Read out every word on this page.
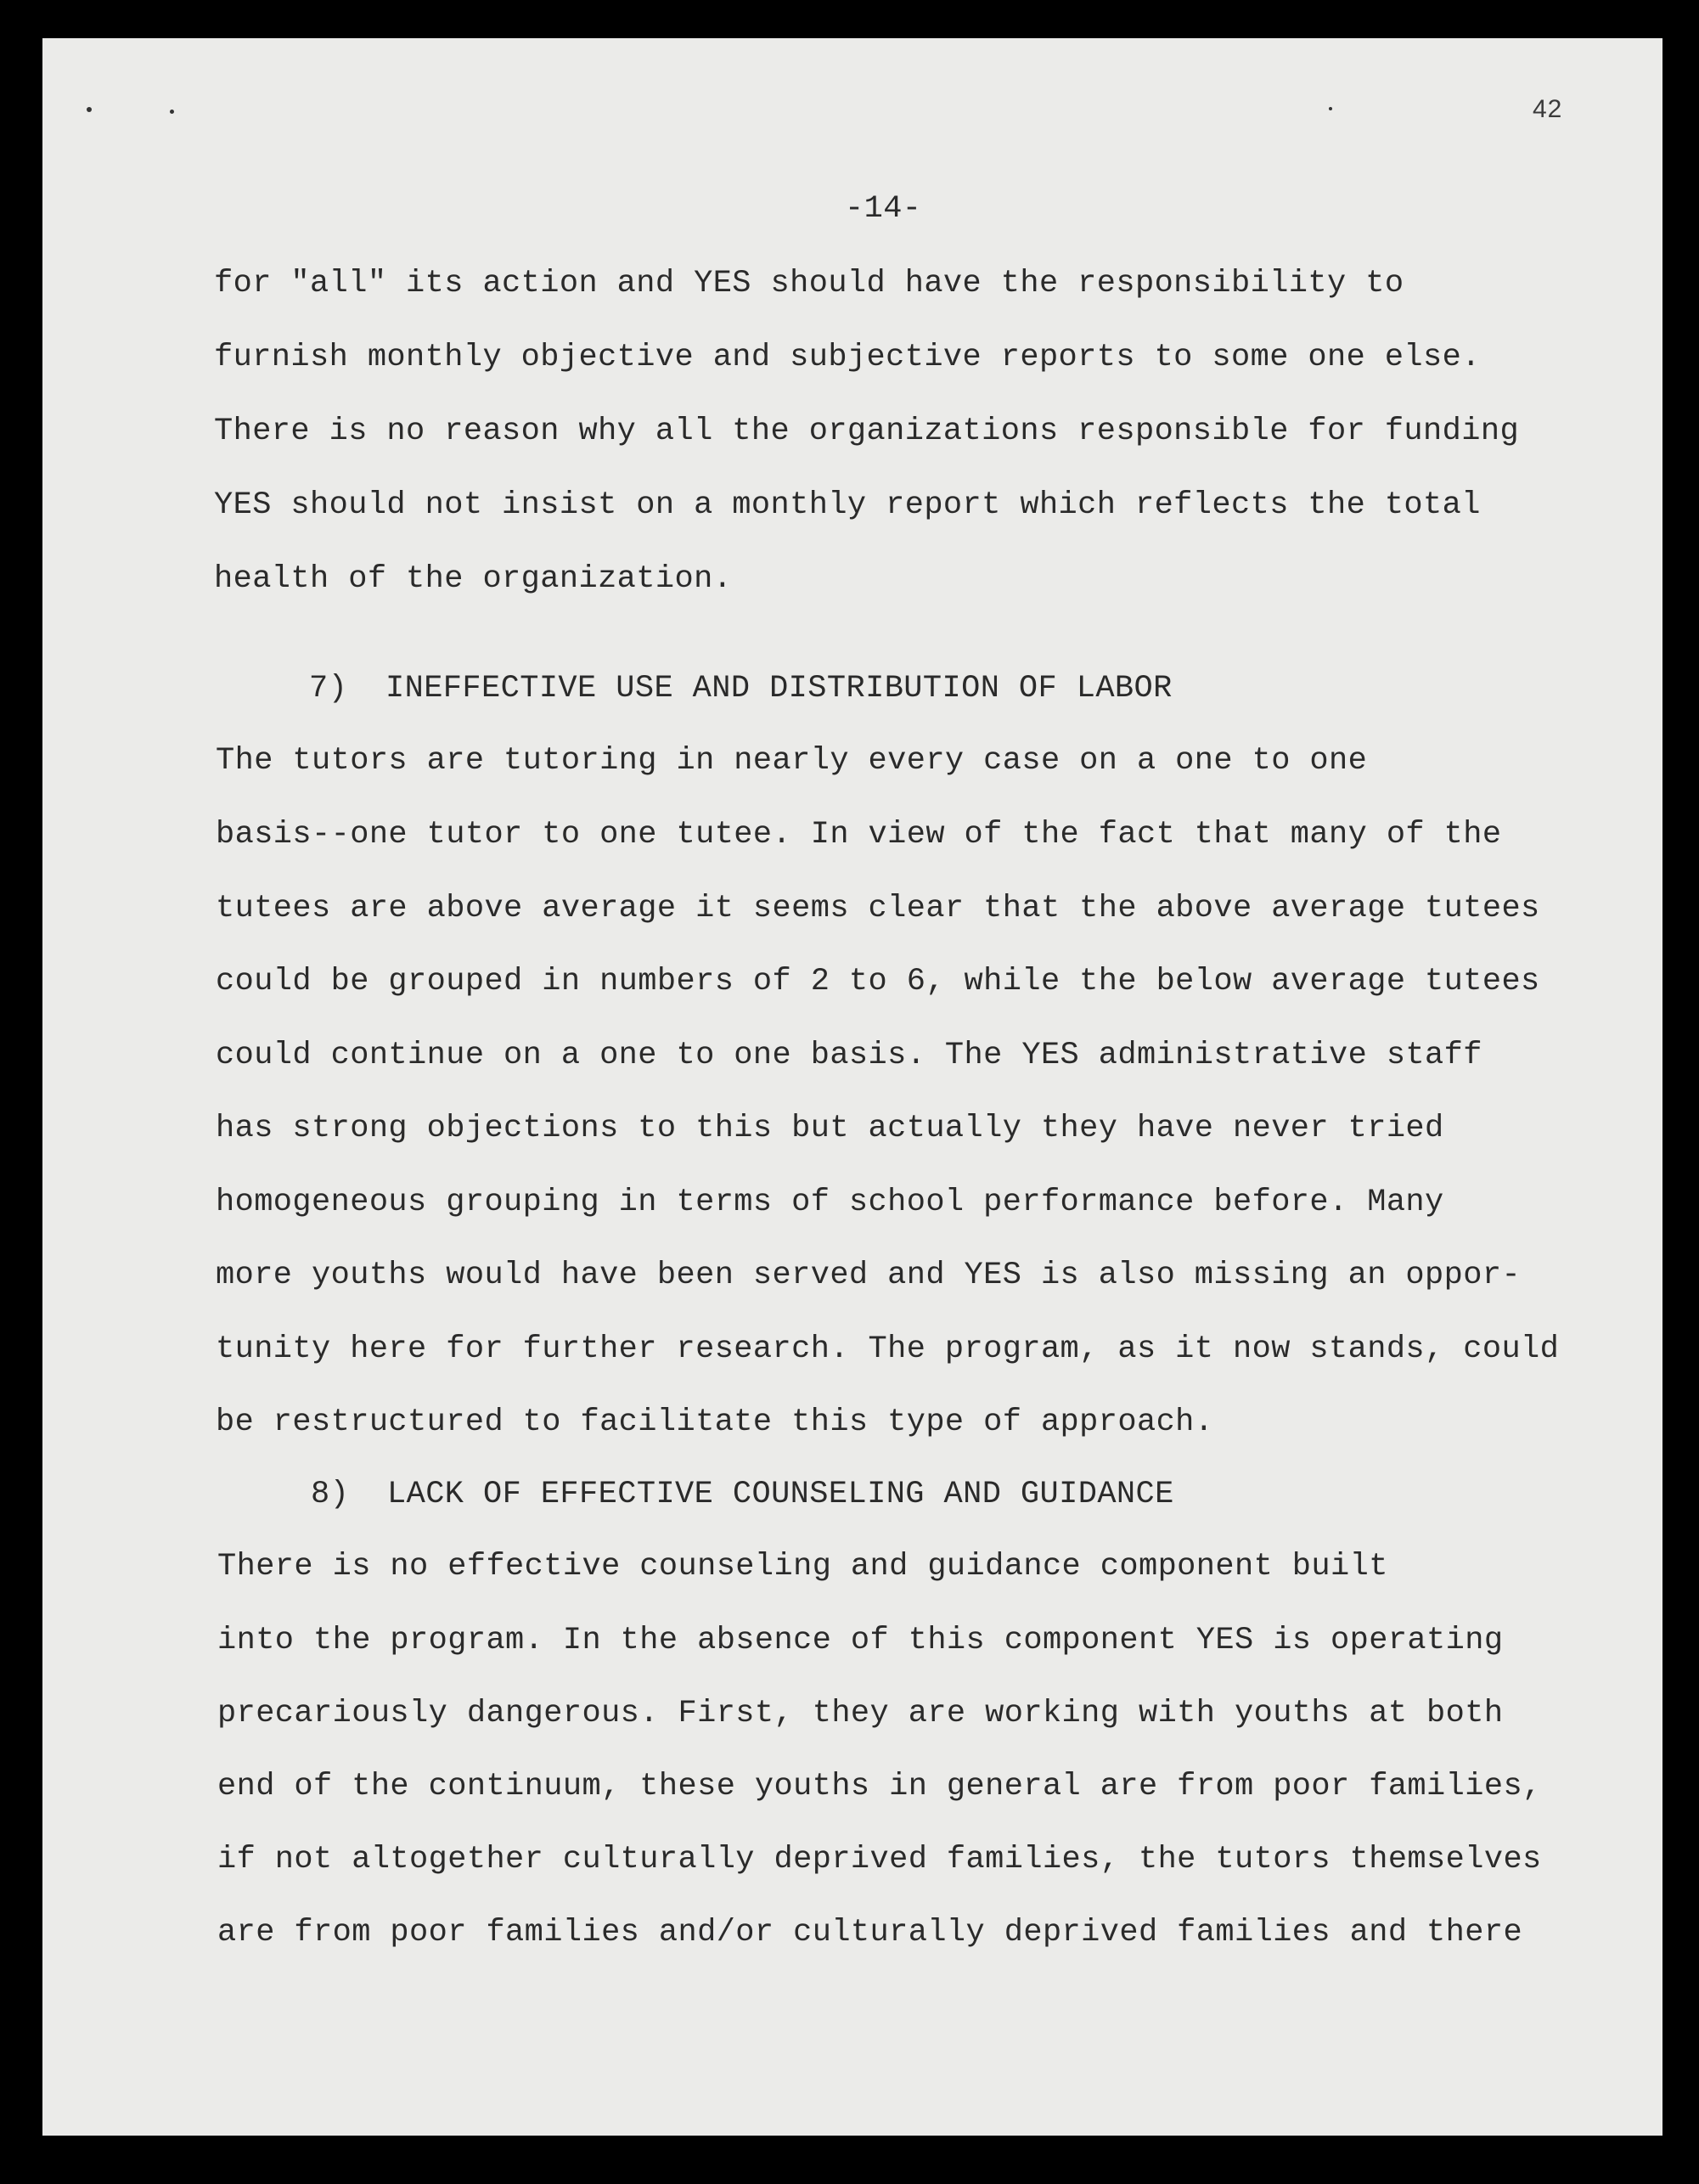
42
-14-

for "all" its action and YES should have the responsibility to

furnish monthly objective and subjective reports to some one else.

There is no reason why all the organizations responsible for funding

YES should not insist on a monthly report which reflects the total

health of the organization.

7) INEFFECTIVE USE AND DISTRIBUTION OF LABOR

The tutors are tutoring in nearly every case on a one to one

basis--one tutor to one tutee. In view of the fact that many of the

tutees are above average it seems clear that the above average tutees

could be grouped in numbers of 2 to 6, while the below average tutees

could continue on a one to one basis. The YES administrative staff

has strong objections to this but actually they have never tried

homogeneous grouping in terms of school performance before. Many

more youths would have been served and YES is also missing an oppor-

tunity here for further research. The program, as it now stands, could

be restructured to facilitate this type of approach.

8) LACK OF EFFECTIVE COUNSELING AND GUIDANCE

There is no effective counseling and guidance component built

into the program. In the absence of this component YES is operating

precariously dangerous. First, they are working with youths at both

end of the continuum, these youths in general are from poor families,

if not altogether culturally deprived families, the tutors themselves

are from poor families and/or culturally deprived families and there
